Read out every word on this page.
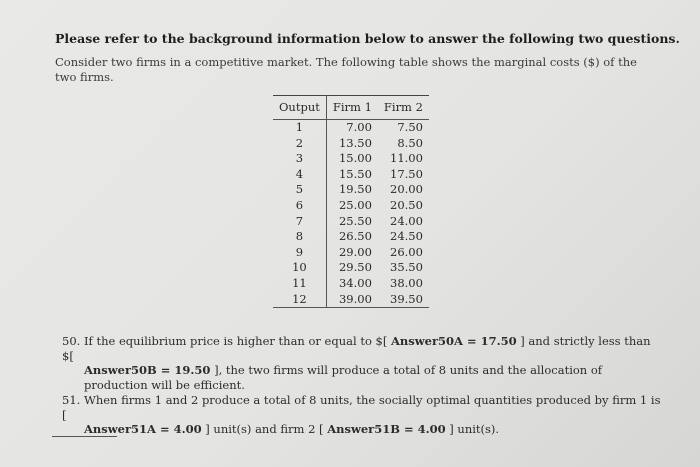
Please refer to the background information below to answer the following two questions.

Consider two firms in a competitive market. The following table shows the marginal costs ($) of the two firms.

Output	Firm 1	Firm 2
1	7.00	7.50
2	13.50	8.50
3	15.00	11.00
4	15.50	17.50
5	19.50	20.00
6	25.00	20.50
7	25.50	24.00
8	26.50	24.50
9	29.00	26.00
10	29.50	35.50
11	34.00	38.00
12	39.00	39.50

50. If the equilibrium price is higher than or equal to $[ Answer50A = 17.50 ] and strictly less than $[
Answer50B = 19.50 ], the two firms will produce a total of 8 units and the allocation of production will be efficient.

51. When firms 1 and 2 produce a total of 8 units, the socially optimal quantities produced by firm 1 is [
Answer51A = 4.00 ] unit(s) and firm 2 [ Answer51B = 4.00 ] unit(s).
